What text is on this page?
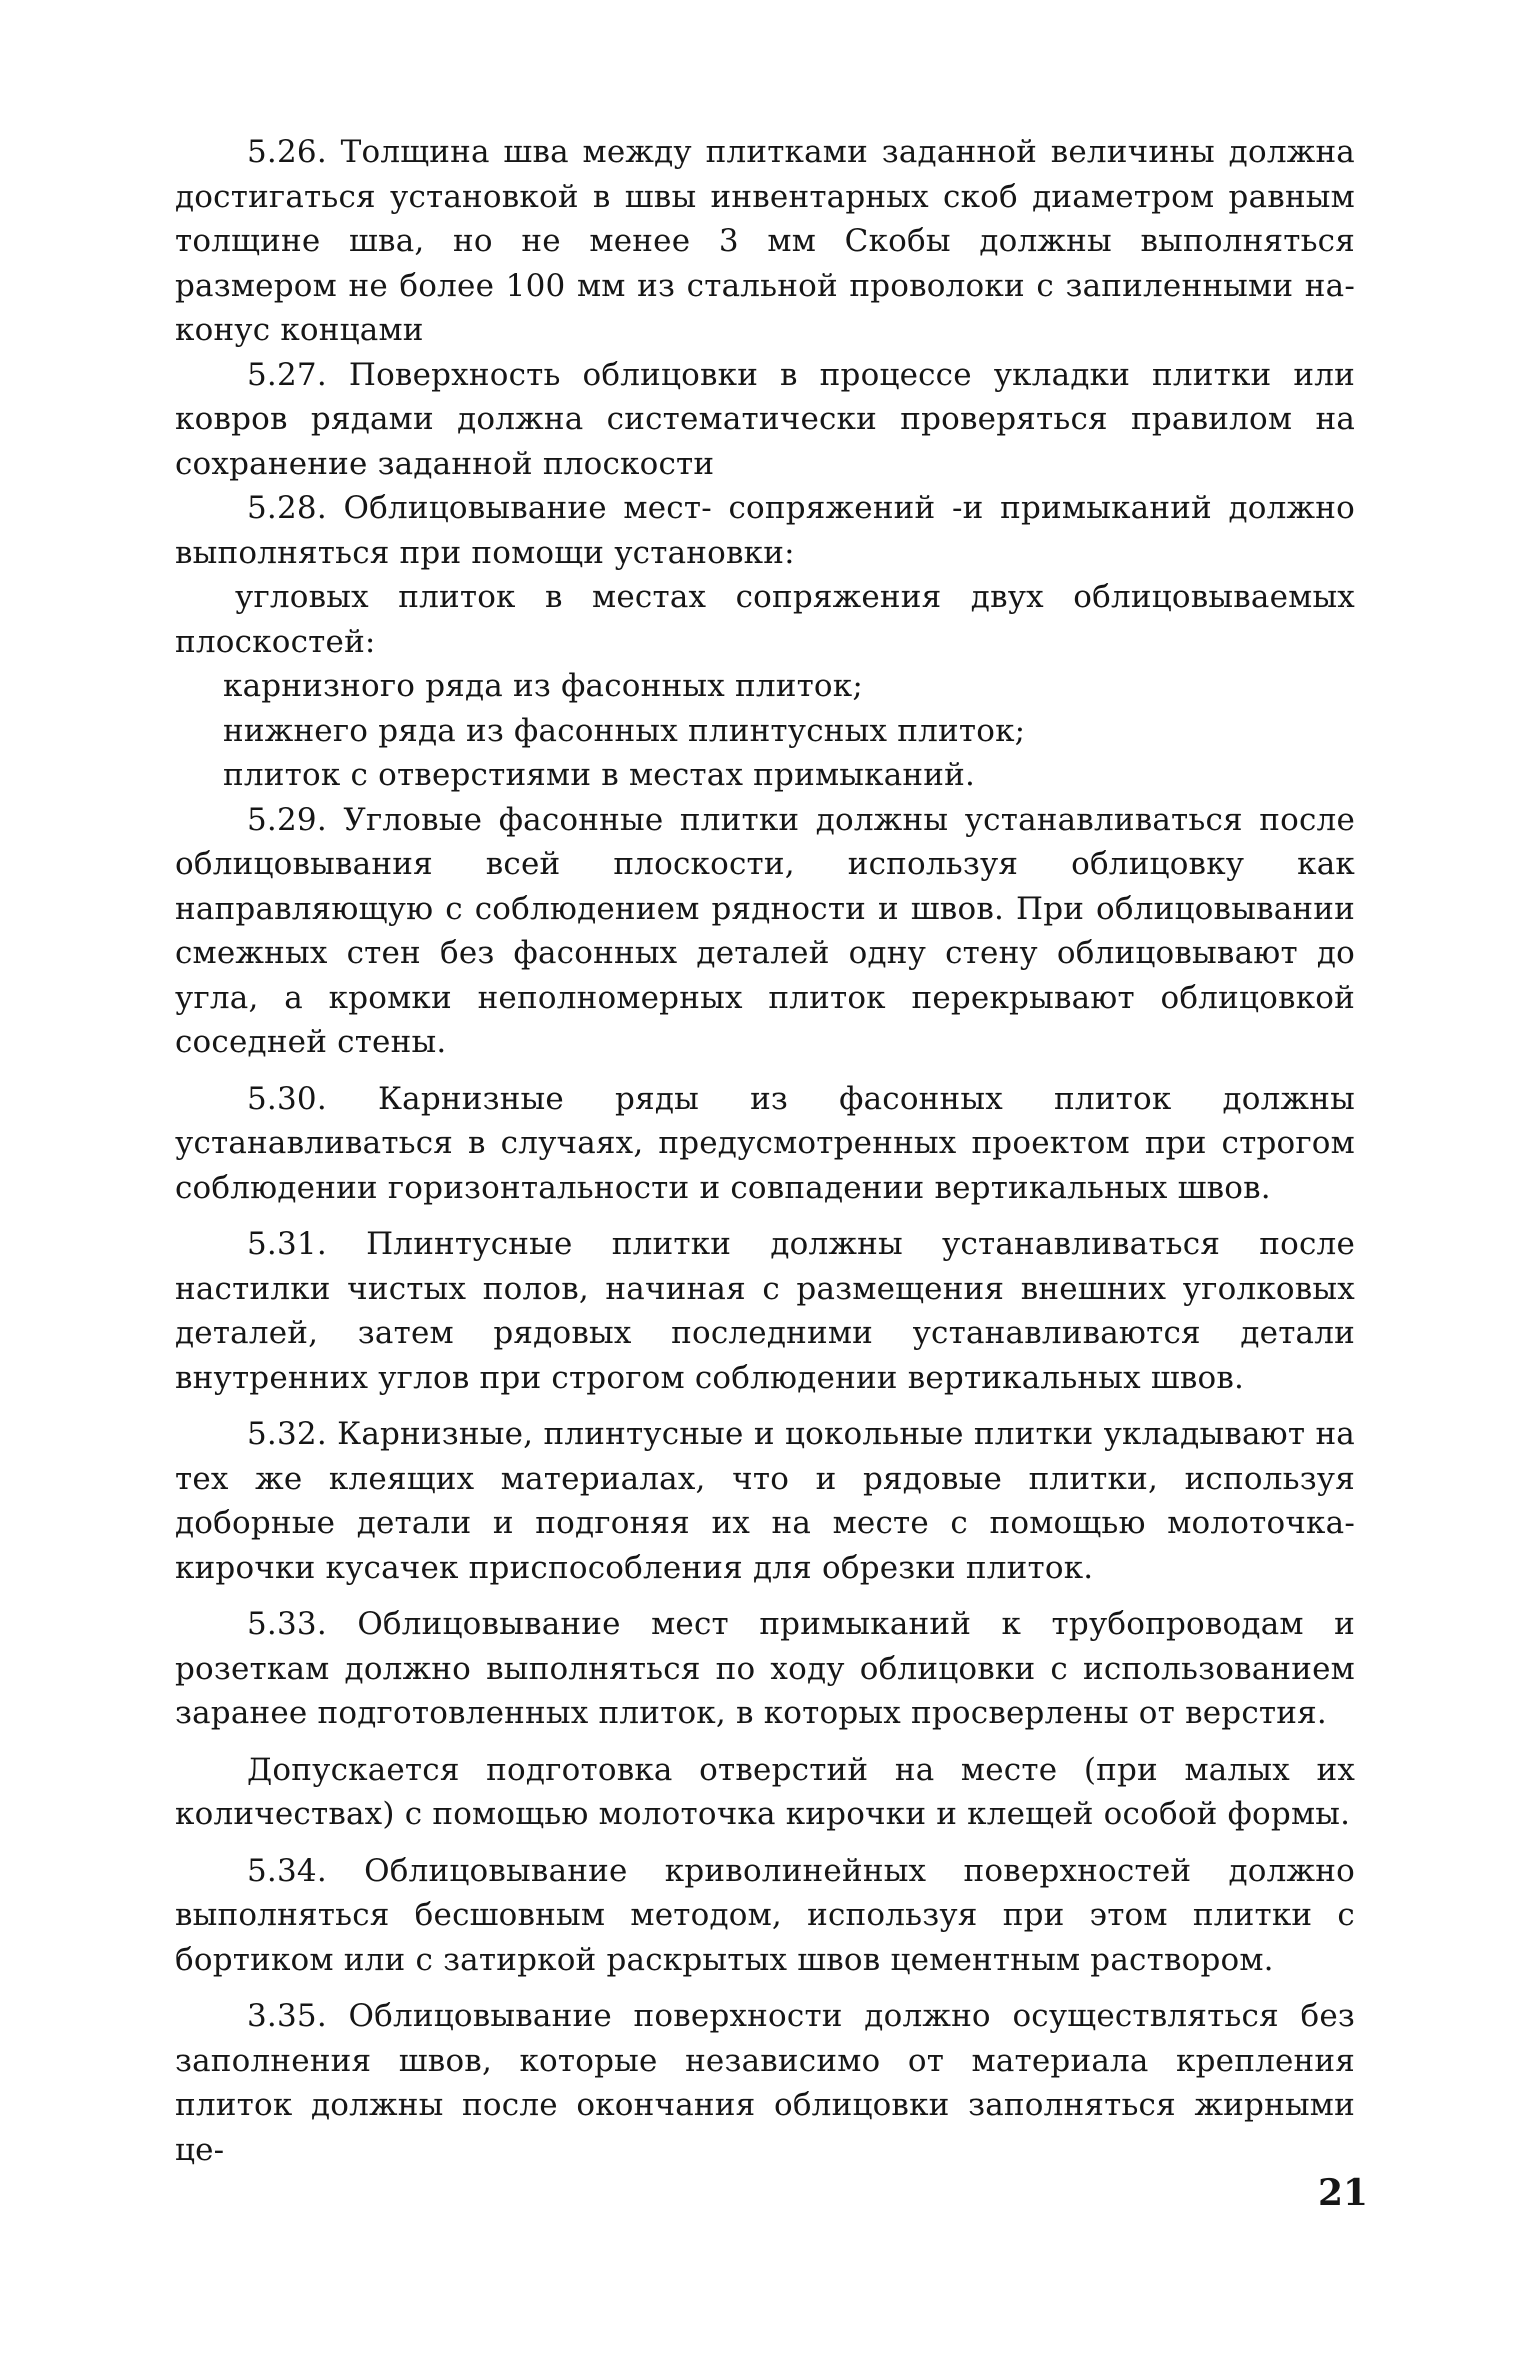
5.26. Толщина шва между плитками заданной величины должна достигаться установкой в швы инвентарных скоб диаметром равным толщине шва, но не менее 3 мм Скобы должны выполняться размером не более 100 мм из стальной проволоки с запиленными на- конус концами

5.27. Поверхность облицовки в процессе укладки плитки или ковров рядами должна систематически проверяться правилом на сохранение заданной плоскости

5.28. Облицовывание мест- сопряжений -и примыканий должно выполняться при помощи установки:

угловых плиток в местах сопряжения двух облицовываемых плоскостей:

карнизного ряда из фасонных плиток;

нижнего ряда из фасонных плинтусных плиток;

плиток с отверстиями в местах примыканий.

5.29. Угловые фасонные плитки должны устанавливаться после облицовывания всей плоскости, используя облицовку как направляющую с соблюдением рядности и швов. При облицовывании смежных стен без фасонных деталей одну стену облицовывают до угла, а кромки неполномерных плиток перекрывают облицовкой соседней стены.

5.30. Карнизные ряды из фасонных плиток должны устанавливаться в случаях, предусмотренных проектом при строгом соблюдении горизонтальности и совпадении вертикальных швов.

5.31. Плинтусные плитки должны устанавливаться после настилки чистых полов, начиная с размещения внешних уголковых деталей, затем рядовых последними устанавливаются детали внутренних углов при строгом соблюдении вертикальных швов.

5.32. Карнизные, плинтусные и цокольные плитки укладывают на тех же клеящих материалах, что и рядовые плитки, используя доборные детали и подгоняя их на месте с помощью молоточка-кирочки кусачек приспособления для обрезки плиток.

5.33. Облицовывание мест примыканий к трубопроводам и розеткам должно выполняться по ходу облицовки с использованием заранее подготовленных плиток, в которых просверлены от верстия.

Допускается подготовка отверстий на месте (при малых их количествах) с помощью молоточка кирочки и клещей особой формы.

5.34. Облицовывание криволинейных поверхностей должно выполняться бесшовным методом, используя при этом плитки с бортиком или с затиркой раскрытых швов цементным раствором.

3.35. Облицовывание поверхности должно осуществляться без заполнения швов, которые независимо от материала крепления плиток должны после окончания облицовки заполняться жирными це-

21
